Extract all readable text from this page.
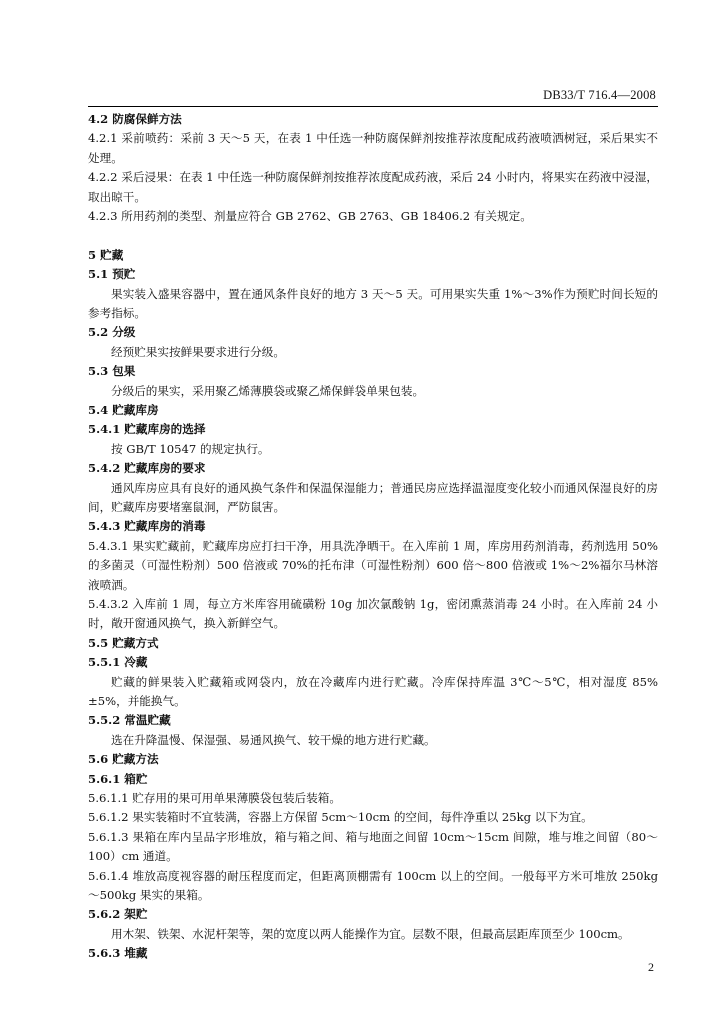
DB33/T 716.4—2008
4.2 防腐保鲜方法
4.2.1 采前喷药：采前 3 天～5 天，在表 1 中任选一种防腐保鲜剂按推荐浓度配成药液喷洒树冠，采后果实不处理。
4.2.2 采后浸果：在表 1 中任选一种防腐保鲜剂按推荐浓度配成药液，采后 24 小时内，将果实在药液中浸湿，取出晾干。
4.2.3 所用药剂的类型、剂量应符合 GB 2762、GB 2763、GB 18406.2 有关规定。
5 贮藏
5.1 预贮
果实装入盛果容器中，置在通风条件良好的地方 3 天～5 天。可用果实失重 1%～3%作为预贮时间长短的参考指标。
5.2 分级
经预贮果实按鲜果要求进行分级。
5.3 包果
分级后的果实，采用聚乙烯薄膜袋或聚乙烯保鲜袋单果包装。
5.4 贮藏库房
5.4.1 贮藏库房的选择
按 GB/T 10547 的规定执行。
5.4.2 贮藏库房的要求
通风库房应具有良好的通风换气条件和保温保湿能力；普通民房应选择温湿度变化较小而通风保湿良好的房间，贮藏库房要堵塞鼠洞，严防鼠害。
5.4.3 贮藏库房的消毒
5.4.3.1 果实贮藏前，贮藏库房应打扫干净，用具洗净晒干。在入库前 1 周，库房用药剂消毒，药剂选用 50%的多菌灵（可湿性粉剂）500 倍液或 70%的托布津（可湿性粉剂）600 倍～800 倍液或 1%～2%福尔马林溶液喷洒。
5.4.3.2 入库前 1 周，每立方米库容用硫磺粉 10g 加次氯酸钠 1g，密闭熏蒸消毒 24 小时。在入库前 24 小时，敞开窗通风换气，换入新鲜空气。
5.5 贮藏方式
5.5.1 冷藏
贮藏的鲜果装入贮藏箱或网袋内，放在冷藏库内进行贮藏。冷库保持库温 3℃～5℃，相对湿度 85%±5%，并能换气。
5.5.2 常温贮藏
选在升降温慢、保湿强、易通风换气、较干燥的地方进行贮藏。
5.6 贮藏方法
5.6.1 箱贮
5.6.1.1 贮存用的果可用单果薄膜袋包装后装箱。
5.6.1.2 果实装箱时不宜装满，容器上方保留 5cm～10cm 的空间，每件净重以 25kg 以下为宜。
5.6.1.3 果箱在库内呈品字形堆放，箱与箱之间、箱与地面之间留 10cm～15cm 间隙，堆与堆之间留（80～100）cm 通道。
5.6.1.4 堆放高度视容器的耐压程度而定，但距离顶棚需有 100cm 以上的空间。一般每平方米可堆放 250kg～500kg 果实的果箱。
5.6.2 架贮
用木架、铁架、水泥杆架等，架的宽度以两人能操作为宜。层数不限，但最高层距库顶至少 100cm。
5.6.3 堆藏
2
